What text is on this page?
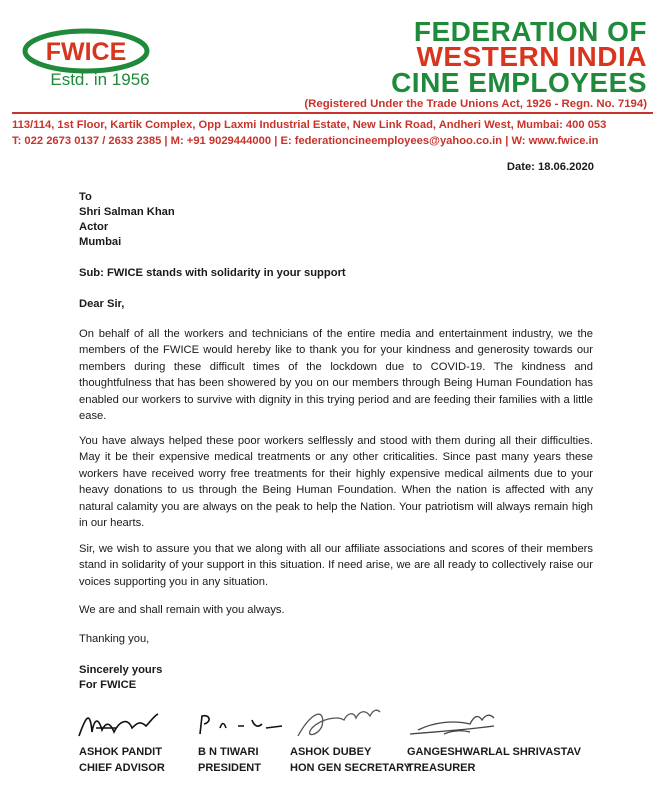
FWICE
Estd. in 1956
FEDERATION OF
WESTERN INDIA
CINE EMPLOYEES
(Registered Under the Trade Unions Act, 1926 - Regn. No. 7194)
113/114, 1st Floor, Kartik Complex, Opp Laxmi Industrial Estate, New Link Road, Andheri West, Mumbai: 400 053
T: 022 2673 0137 / 2633 2385 | M: +91 9029444000 | E: federationcineemployees@yahoo.co.in | W: www.fwice.in
Date: 18.06.2020
To
Shri Salman Khan
Actor
Mumbai
Sub: FWICE stands with solidarity in your support
Dear Sir,
On behalf of all the workers and technicians of the entire media and entertainment industry, we the members of the FWICE would hereby like to thank you for your kindness and generosity towards our members during these difficult times of the lockdown due to COVID-19. The kindness and thoughtfulness that has been showered by you on our members through Being Human Foundation has enabled our workers to survive with dignity in this trying period and are feeding their families with a little ease.
You have always helped these poor workers selflessly and stood with them during all their difficulties. May it be their expensive medical treatments or any other criticalities. Since past many years these workers have received worry free treatments for their highly expensive medical ailments due to your heavy donations to us through the Being Human Foundation. When the nation is affected with any natural calamity you are always on the peak to help the Nation. Your patriotism will always remain high in our hearts.
Sir, we wish to assure you that we along with all our affiliate associations and scores of their members stand in solidarity of your support in this situation. If need arise, we are all ready to collectively raise our voices supporting you in any situation.
We are and shall remain with you always.
Thanking you,
Sincerely yours
For FWICE
ASHOK PANDIT
CHIEF ADVISOR
B N TIWARI
PRESIDENT
ASHOK DUBEY
HON GEN SECRETARY
GANGESHWARLAL SHRIVASTAV
TREASURER
